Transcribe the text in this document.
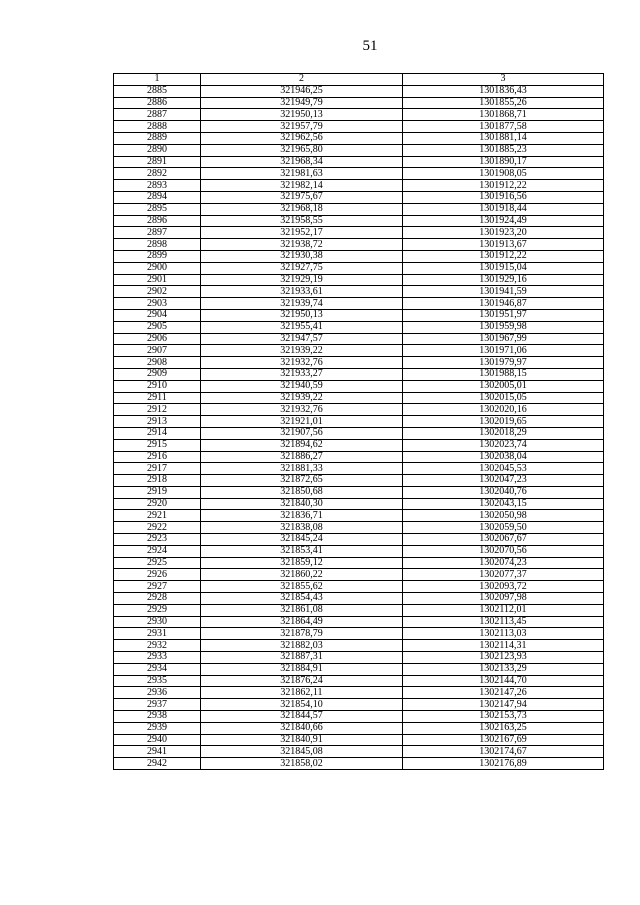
51
1	2	3
2885	321946,25	1301836,43
2886	321949,79	1301855,26
2887	321950,13	1301868,71
2888	321957,79	1301877,58
2889	321962,56	1301881,14
2890	321965,80	1301885,23
2891	321968,34	1301890,17
2892	321981,63	1301908,05
2893	321982,14	1301912,22
2894	321975,67	1301916,56
2895	321968,18	1301918,44
2896	321958,55	1301924,49
2897	321952,17	1301923,20
2898	321938,72	1301913,67
2899	321930,38	1301912,22
2900	321927,75	1301915,04
2901	321929,19	1301929,16
2902	321933,61	1301941,59
2903	321939,74	1301946,87
2904	321950,13	1301951,97
2905	321955,41	1301959,98
2906	321947,57	1301967,99
2907	321939,22	1301971,06
2908	321932,76	1301979,97
2909	321933,27	1301988,15
2910	321940,59	1302005,01
2911	321939,22	1302015,05
2912	321932,76	1302020,16
2913	321921,01	1302019,65
2914	321907,56	1302018,29
2915	321894,62	1302023,74
2916	321886,27	1302038,04
2917	321881,33	1302045,53
2918	321872,65	1302047,23
2919	321850,68	1302040,76
2920	321840,30	1302043,15
2921	321836,71	1302050,98
2922	321838,08	1302059,50
2923	321845,24	1302067,67
2924	321853,41	1302070,56
2925	321859,12	1302074,23
2926	321860,22	1302077,37
2927	321855,62	1302093,72
2928	321854,43	1302097,98
2929	321861,08	1302112,01
2930	321864,49	1302113,45
2931	321878,79	1302113,03
2932	321882,03	1302114,31
2933	321887,31	1302123,93
2934	321884,91	1302133,29
2935	321876,24	1302144,70
2936	321862,11	1302147,26
2937	321854,10	1302147,94
2938	321844,57	1302153,73
2939	321840,66	1302163,25
2940	321840,91	1302167,69
2941	321845,08	1302174,67
2942	321858,02	1302176,89
